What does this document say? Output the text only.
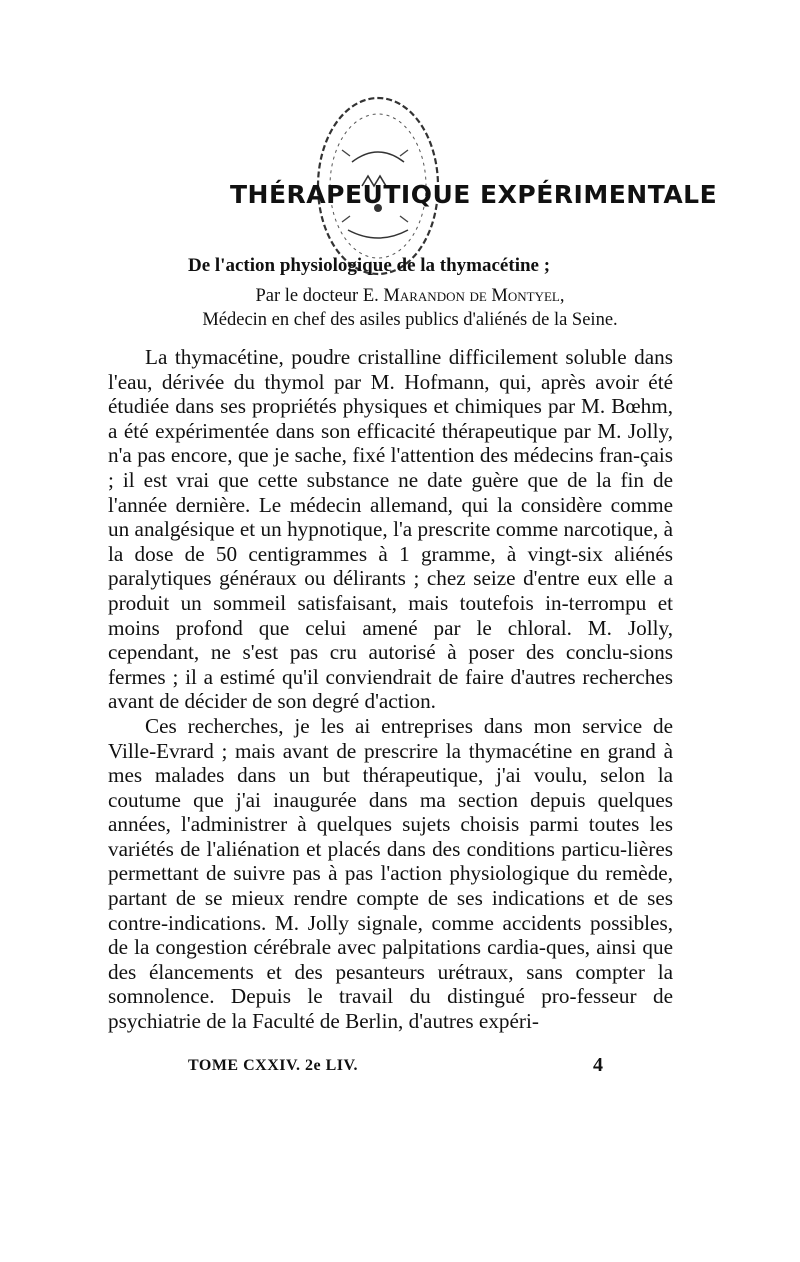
THÉRAPEUTIQUE EXPÉRIMENTALE
De l'action physiologique de la thymacétine ;
Par le docteur E. Marandon de Montyel,
Médecin en chef des asiles publics d'aliénés de la Seine.

La thymacétine, poudre cristalline difficilement soluble dans l'eau, dérivée du thymol par M. Hofmann, qui, après avoir été étudiée dans ses propriétés physiques et chimiques par M. Bœhm, a été expérimentée dans son efficacité thérapeutique par M. Jolly, n'a pas encore, que je sache, fixé l'attention des médecins fran-çais ; il est vrai que cette substance ne date guère que de la fin de l'année dernière. Le médecin allemand, qui la considère comme un analgésique et un hypnotique, l'a prescrite comme narcotique, à la dose de 50 centigrammes à 1 gramme, à vingt-six aliénés paralytiques généraux ou délirants ; chez seize d'entre eux elle a produit un sommeil satisfaisant, mais toutefois in-terrompu et moins profond que celui amené par le chloral. M. Jolly, cependant, ne s'est pas cru autorisé à poser des conclu-sions fermes ; il a estimé qu'il conviendrait de faire d'autres recherches avant de décider de son degré d'action.

Ces recherches, je les ai entreprises dans mon service de Ville-Evrard ; mais avant de prescrire la thymacétine en grand à mes malades dans un but thérapeutique, j'ai voulu, selon la coutume que j'ai inaugurée dans ma section depuis quelques années, l'administrer à quelques sujets choisis parmi toutes les variétés de l'aliénation et placés dans des conditions particu-lières permettant de suivre pas à pas l'action physiologique du remède, partant de se mieux rendre compte de ses indications et de ses contre-indications. M. Jolly signale, comme accidents possibles, de la congestion cérébrale avec palpitations cardia-ques, ainsi que des élancements et des pesanteurs urétraux, sans compter la somnolence. Depuis le travail du distingué pro-fesseur de psychiatrie de la Faculté de Berlin, d'autres expéri-

TOME CXXIV. 2e LIV.	4
